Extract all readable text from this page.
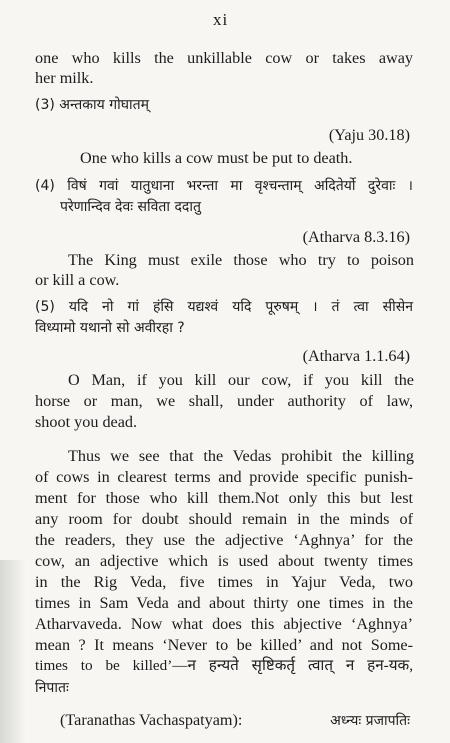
xi
one who kills the unkillable cow or takes away
her milk.
(3) अन्तकाय गोघातम्
(Yaju 30.18)
One who kills a cow must be put to death.
(4) विषं गवां यातुधाना भरन्ता मा वृश्चन्ताम् अदितेर्यो दुरेवाः ।
परेणान्दिव देवः सविता ददातु
(Atharva 8.3.16)
The King must exile those who try to poison
or kill a cow.
(5) यदि नो गां हंसि यद्यश्वं यदि पूरुषम् । तं त्वा सीसेन
विध्यामो यथानो सो अवीरहा ?
(Atharva 1.1.64)
O Man, if you kill our cow, if you kill the
horse or man, we shall, under authority of law,
shoot you dead.
Thus we see that the Vedas prohibit the killing
of cows in clearest terms and provide specific punish-
ment for those who kill them.Not only this but lest
any room for doubt should remain in the minds of
the readers, they use the adjective ‘Aghnya’ for the
cow, an adjective which is used about twenty times
in the Rig Veda, five times in Yajur Veda, two
times in Sam Veda and about thirty one times in the
Atharvaveda. Now what does this abjective ‘Aghnya’
mean ? It means ‘Never to be killed’ and not Some-
times to be killed’—न हन्यते सृष्टिकर्तृ त्वात् न हन-यक,
निपातः
(Taranathas Vachaspatyam):	अध्न्यः प्रजापतिः
